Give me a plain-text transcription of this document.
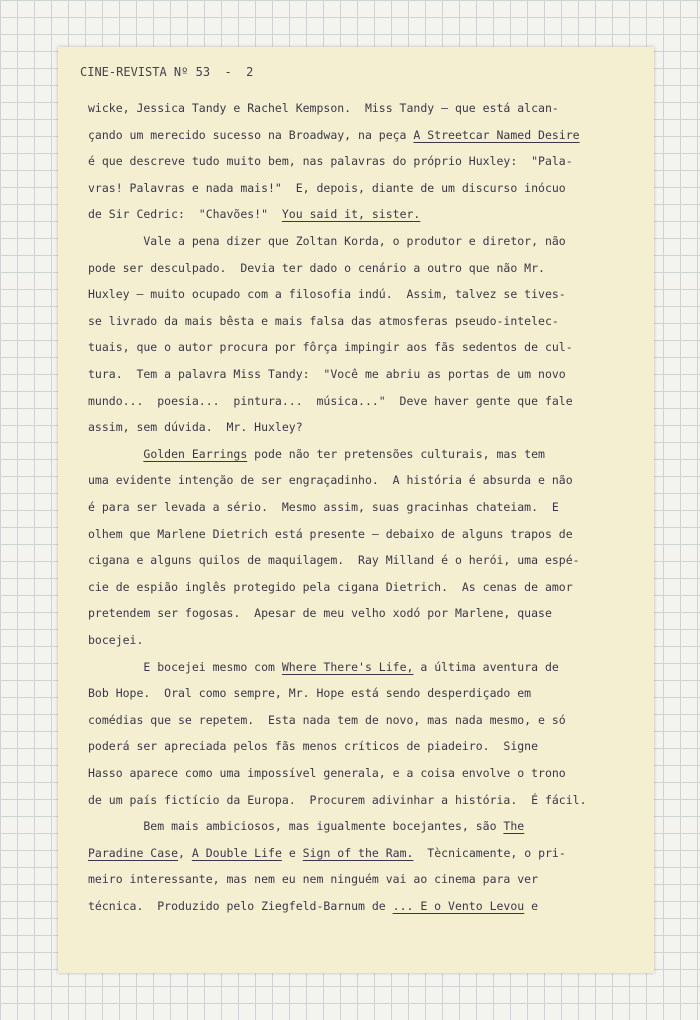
CINE-REVISTA Nº 53  -  2
wicke, Jessica Tandy e Rachel Kempson.  Miss Tandy — que está alcan-
çando um merecido sucesso na Broadway, na peça A Streetcar Named Desire
é que descreve tudo muito bem, nas palavras do próprio Huxley:  "Pala-
vras! Palavras e nada mais!"  E, depois, diante de um discurso inócuo
de Sir Cedric:  "Chavões!"  You said it, sister.
Vale a pena dizer que Zoltan Korda, o produtor e diretor, não
pode ser desculpado.  Devia ter dado o cenário a outro que não Mr.
Huxley — muito ocupado com a filosofia indú.  Assim, talvez se tives-
se livrado da mais bêsta e mais falsa das atmosferas pseudo-intelec-
tuais, que o autor procura por fôrça impingir aos fãs sedentos de cul-
tura.  Tem a palavra Miss Tandy:  "Você me abriu as portas de um novo
mundo...  poesia...  pintura...  música..."  Deve haver gente que fale
assim, sem dúvida.  Mr. Huxley?
Golden Earrings pode não ter pretensões culturais, mas tem
uma evidente intenção de ser engraçadinho.  A história é absurda e não
é para ser levada a sério.  Mesmo assim, suas gracinhas chateiam.  E
olhem que Marlene Dietrich está presente — debaixo de alguns trapos de
cigana e alguns quilos de maquilagem.  Ray Milland é o herói, uma espé-
cie de espião inglês protegido pela cigana Dietrich.  As cenas de amor
pretendem ser fogosas.  Apesar de meu velho xodó por Marlene, quase
bocejei.
E bocejei mesmo com Where There's Life, a última aventura de
Bob Hope.  Oral como sempre, Mr. Hope está sendo desperdiçado em
comédias que se repetem.  Esta nada tem de novo, mas nada mesmo, e só
poderá ser apreciada pelos fãs menos críticos de piadeiro.  Signe
Hasso aparece como uma impossível generala, e a coisa envolve o trono
de um país fictício da Europa.  Procurem adivinhar a história.  É fácil.
Bem mais ambiciosos, mas igualmente bocejantes, são The
Paradine Case, A Double Life e Sign of the Ram.  Tècnicamente, o pri-
meiro interessante, mas nem eu nem ninguém vai ao cinema para ver
técnica.  Produzido pelo Ziegfeld-Barnum de ... E o Vento Levou e
